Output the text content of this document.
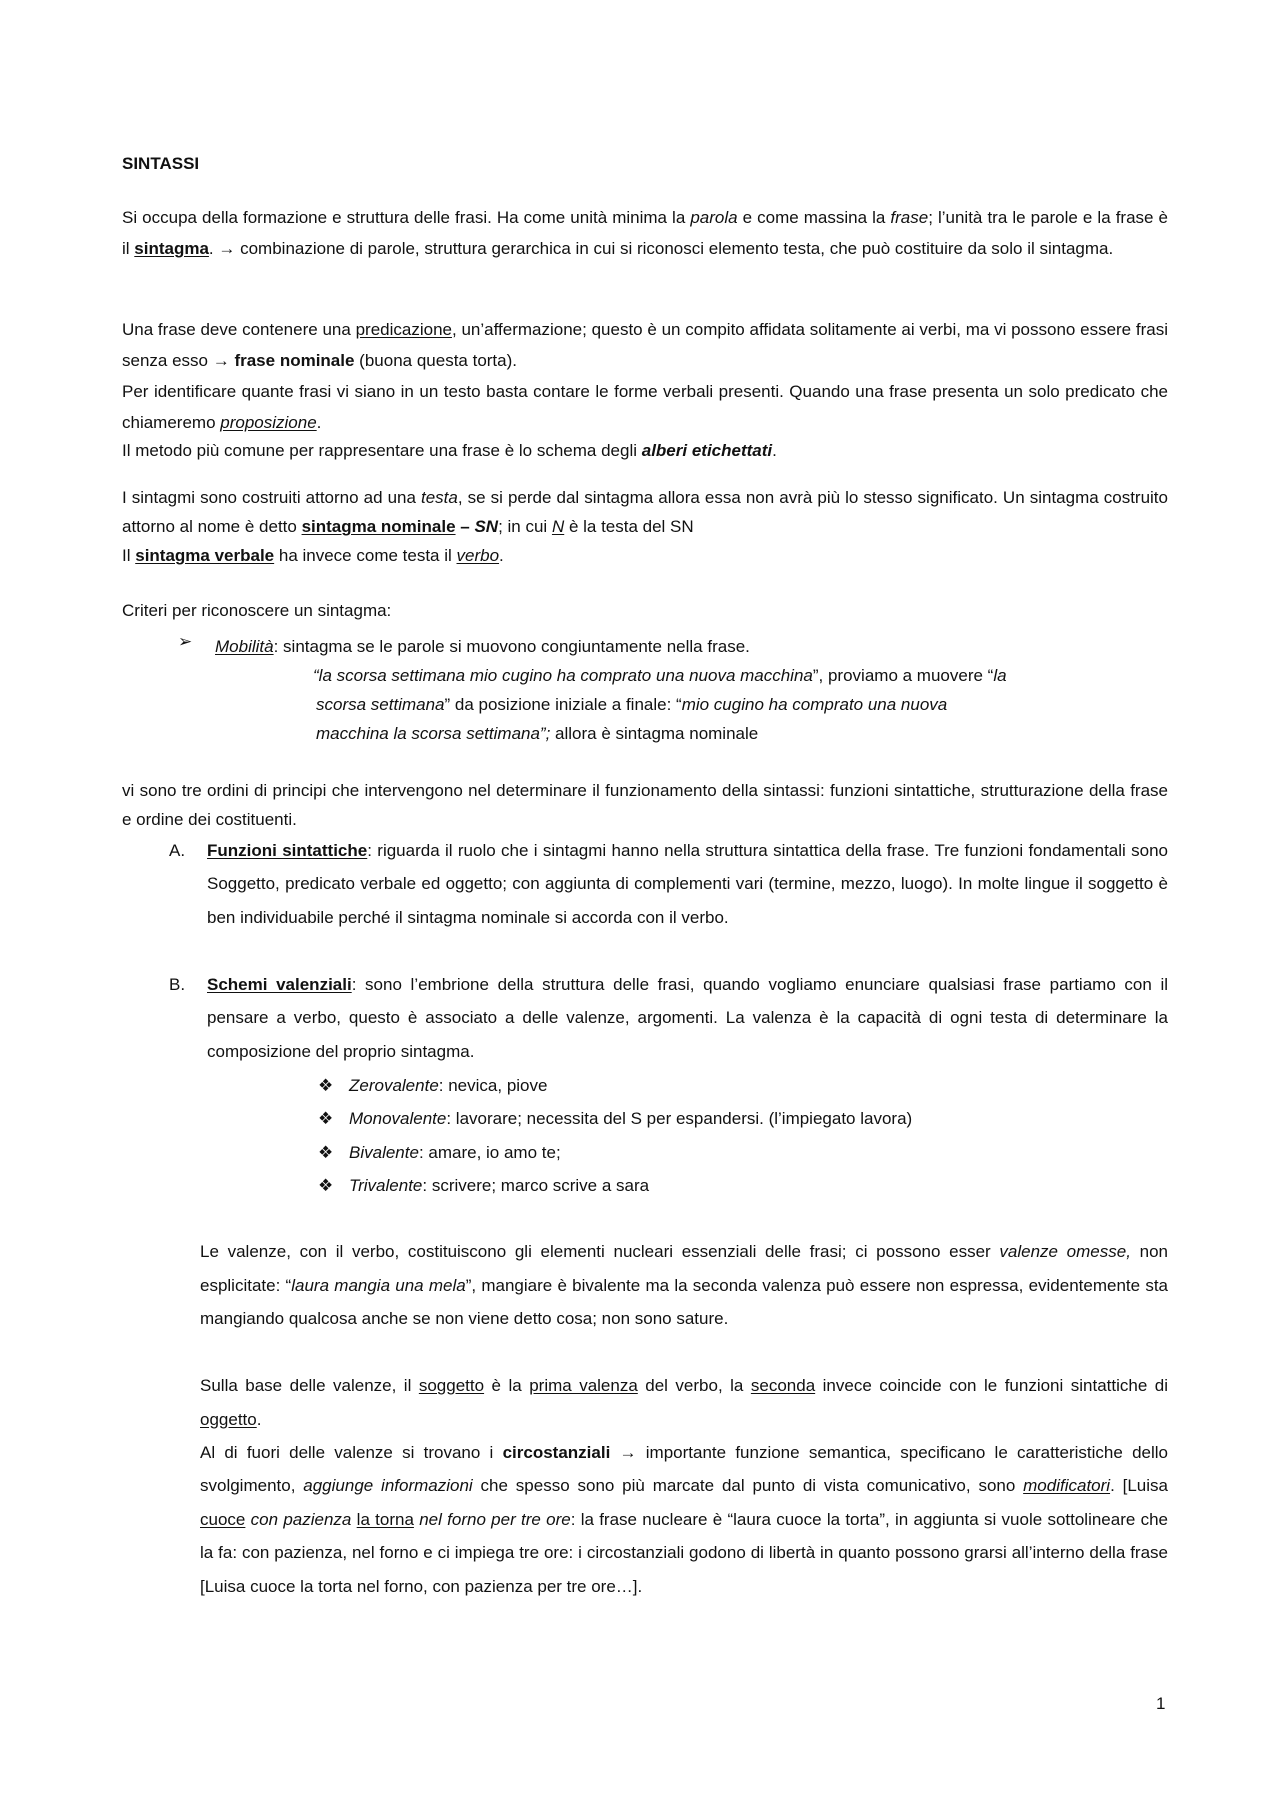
SINTASSI
Si occupa della formazione e struttura delle frasi. Ha come unità minima la parola e come massina la frase; l’unità tra le parole e la frase è il sintagma. → combinazione di parole, struttura gerarchica in cui si riconosci elemento testa, che può costituire da solo il sintagma.
Una frase deve contenere una predicazione, un’affermazione; questo è un compito affidata solitamente ai verbi, ma vi possono essere frasi senza esso → frase nominale (buona questa torta).
Per identificare quante frasi vi siano in un testo basta contare le forme verbali presenti. Quando una frase presenta un solo predicato che chiameremo proposizione.
Il metodo più comune per rappresentare una frase è lo schema degli alberi etichettati.
I sintagmi sono costruiti attorno ad una testa, se si perde dal sintagma allora essa non avrà più lo stesso significato. Un sintagma costruito attorno al nome è detto sintagma nominale – SN; in cui N è la testa del SN
Il sintagma verbale ha invece come testa il verbo.
Criteri per riconoscere un sintagma:
➢ Mobilità: sintagma se le parole si muovono congiuntamente nella frase.
“la scorsa settimana mio cugino ha comprato una nuova macchina”, proviamo a muovere “la scorsa settimana” da posizione iniziale a finale: “mio cugino ha comprato una nuova macchina la scorsa settimana”; allora è sintagma nominale
vi sono tre ordini di principi che intervengono nel determinare il funzionamento della sintassi: funzioni sintattiche, strutturazione della frase e ordine dei costituenti.
A. Funzioni sintattiche: riguarda il ruolo che i sintagmi hanno nella struttura sintattica della frase. Tre funzioni fondamentali sono Soggetto, predicato verbale ed oggetto; con aggiunta di complementi vari (termine, mezzo, luogo). In molte lingue il soggetto è ben individuabile perché il sintagma nominale si accorda con il verbo.
B. Schemi valenziali: sono l’embrione della struttura delle frasi, quando vogliamo enunciare qualsiasi frase partiamo con il pensare a verbo, questo è associato a delle valenze, argomenti. La valenza è la capacità di ogni testa di determinare la composizione del proprio sintagma.
❖ Zerovalente: nevica, piove
❖ Monovalente: lavorare; necessita del S per espandersi. (l’impiegato lavora)
❖ Bivalente: amare, io amo te;
❖ Trivalente: scrivere; marco scrive a sara
Le valenze, con il verbo, costituiscono gli elementi nucleari essenziali delle frasi; ci possono esser valenze omesse, non esplicitate: “laura mangia una mela”, mangiare è bivalente ma la seconda valenza può essere non espressa, evidentemente sta mangiando qualcosa anche se non viene detto cosa; non sono sature.
Sulla base delle valenze, il soggetto è la prima valenza del verbo, la seconda invece coincide con le funzioni sintattiche di oggetto.
Al di fuori delle valenze si trovano i circostanziali → importante funzione semantica, specificano le caratteristiche dello svolgimento, aggiunge informazioni che spesso sono più marcate dal punto di vista comunicativo, sono modificatori. [Luisa cuoce con pazienza la torna nel forno per tre ore: la frase nucleare è “laura cuoce la torta”, in aggiunta si vuole sottolineare che la fa: con pazienza, nel forno e ci impiega tre ore: i circostanziali godono di libertà in quanto possono grarsi all’interno della frase [Luisa cuoce la torta nel forno, con pazienza per tre ore…].
1
